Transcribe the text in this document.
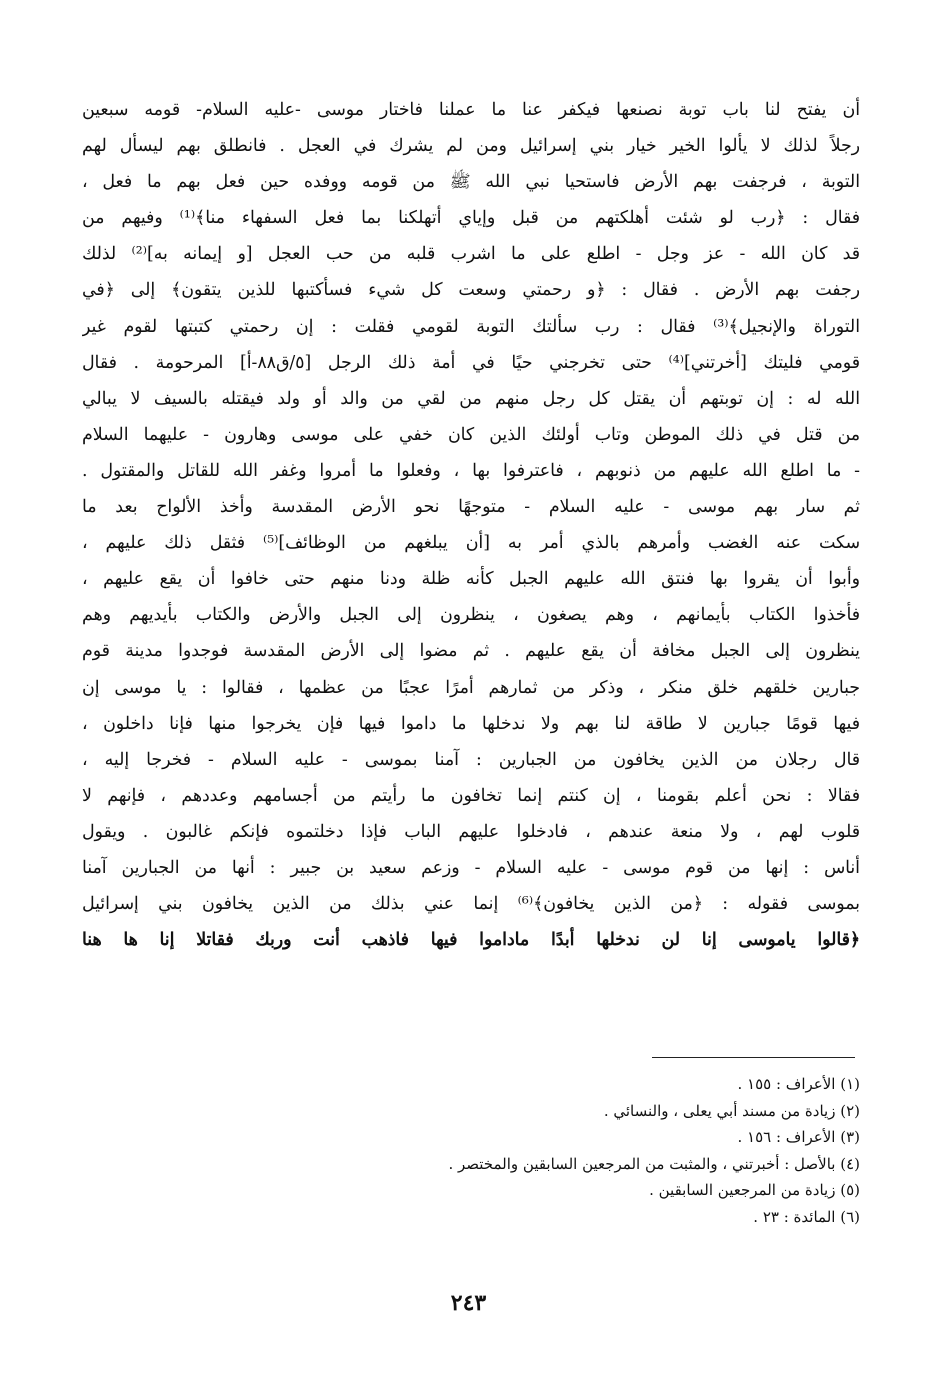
أن يفتح لنا باب توبة نصنعها فيكفر عنا ما عملنا فاختار موسى -عليه السلام- قومه سبعين
رجلاً لذلك لا يألوا الخير خيار بني إسرائيل ومن لم يشرك في العجل . فانطلق بهم ليسأل لهم
التوبة ، فرجفت بهم الأرض فاستحيا نبي الله ﷺ من قومه ووفده حين فعل بهم ما فعل ،
فقال : ﴿رب لو شئت أهلكتهم من قبل وإياي أتهلكنا بما فعل السفهاء منا﴾⁽¹⁾ وفيهم من
قد كان الله - عز وجل - اطلع على ما اشرب قلبه من حب العجل [و إيمانه به]⁽²⁾ لذلك
رجفت بهم الأرض . فقال : ﴿و رحمتي وسعت كل شيء فسأكتبها للذين يتقون﴾ إلى ﴿في
التوراة والإنجيل﴾⁽³⁾ فقال : رب سألتك التوبة لقومي فقلت : إن رحمتي كتبتها لقوم غير
قومي فليتك [أخرتني]⁽⁴⁾ حتى تخرجني حيًا في أمة ذلك الرجل [٥/ق٨٨-أ] المرحومة . فقال
الله له : إن توبتهم أن يقتل كل رجل منهم من لقي من والد أو ولد فيقتله بالسيف لا يبالي
من قتل في ذلك الموطن وتاب أولئك الذين كان خفي على موسى وهارون - عليهما السلام
- ما اطلع الله عليهم من ذنوبهم ، فاعترفوا بها ، وفعلوا ما أمروا وغفر الله للقاتل والمقتول .
ثم سار بهم موسى - عليه السلام - متوجهًا نحو الأرض المقدسة وأخذ الألواح بعد ما
سكت عنه الغضب وأمرهم بالذي أمر به [أن يبلغهم من الوظائف]⁽⁵⁾ فثقل ذلك عليهم ،
وأبوا أن يقروا بها فنتق الله عليهم الجبل كأنه ظلة ودنا منهم حتى خافوا أن يقع عليهم ،
فأخذوا الكتاب بأيمانهم ، وهم يصغون ، ينظرون إلى الجبل والأرض والكتاب بأيديهم وهم
ينظرون إلى الجبل مخافة أن يقع عليهم . ثم مضوا إلى الأرض المقدسة فوجدوا مدينة قوم
جبارين خلقهم خلق منكر ، وذكر من ثمارهم أمرًا عجبًا من عظمها ، فقالوا : يا موسى إن
فيها قومًا جبارين لا طاقة لنا بهم ولا ندخلها ما داموا فيها فإن يخرجوا منها فإنا داخلون ،
قال رجلان من الذين يخافون من الجبارين : آمنا بموسى - عليه السلام - فخرجا إليه ،
فقالا : نحن أعلم بقومنا ، إن كنتم إنما تخافون ما رأيتم من أجسامهم وعددهم ، فإنهم لا
قلوب لهم ، ولا منعة عندهم ، فادخلوا عليهم الباب فإذا دخلتموه فإنكم غالبون . ويقول
أناس : إنها من قوم موسى - عليه السلام - وزعم سعيد بن جبير : أنها من الجبارين آمنا
بموسى فقوله : ﴿من الذين يخافون﴾⁽⁶⁾ إنما عني بذلك من الذين يخافون بني إسرائيل
﴿قالوا ياموسى إنا لن ندخلها أبدًا ماداموا فيها فاذهب أنت وربك فقاتلا إنا ها هنا
(١) الأعراف : ١٥٥ .
(٢) زيادة من مسند أبي يعلى ، والنسائي .
(٣) الأعراف : ١٥٦ .
(٤) بالأصل : أخبرتني ، والمثبت من المرجعين السابقين والمختصر .
(٥) زيادة من المرجعين السابقين .
(٦) المائدة : ٢٣ .
٢٤٣
